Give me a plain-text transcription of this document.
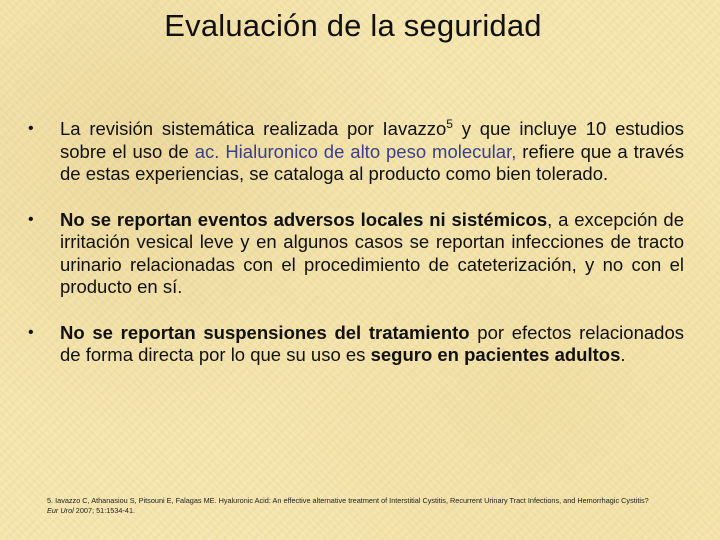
Evaluación de la seguridad
•	La revisión sistemática realizada por Iavazzo$^5$ y que incluye 10 estudios sobre el uso de ac. Hialuronico de alto peso molecular, refiere que a través de estas experiencias, se cataloga al producto como bien tolerado.
•	No se reportan eventos adversos locales ni sistémicos, a excepción de irritación vesical leve y en algunos casos se reportan infecciones de tracto urinario relacionadas con el procedimiento de cateterización, y no con el producto en sí.
•	No se reportan suspensiones del tratamiento por efectos relacionados de forma directa por lo que su uso es seguro en pacientes adultos.
5. Iavazzo C, Athanasiou S, Pitsouni E, Falagas ME. Hyaluronic Acid: An effective alternative treatment of Interstitial Cystitis, Recurrent Urinary Tract Infections, and Hemorrhagic Cystitis?
Eur Urol 2007; 51:1534-41.
